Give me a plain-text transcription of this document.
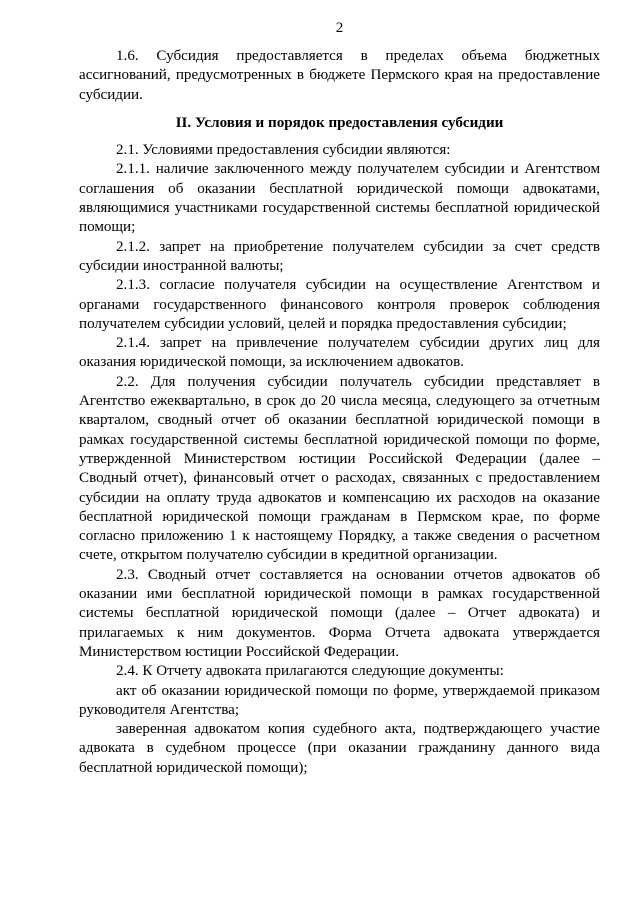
2

1.6. Субсидия предоставляется в пределах объема бюджетных ассигнований, предусмотренных в бюджете Пермского края на предоставление субсидии.

II. Условия и порядок предоставления субсидии

2.1. Условиями предоставления субсидии являются:

2.1.1. наличие заключенного между получателем субсидии и Агентством соглашения об оказании бесплатной юридической помощи адвокатами, являющимися участниками государственной системы бесплатной юридической помощи;

2.1.2. запрет на приобретение получателем субсидии за счет средств субсидии иностранной валюты;

2.1.3. согласие получателя субсидии на осуществление Агентством и органами государственного финансового контроля проверок соблюдения получателем субсидии условий, целей и порядка предоставления субсидии;

2.1.4. запрет на привлечение получателем субсидии других лиц для оказания юридической помощи, за исключением адвокатов.

2.2. Для получения субсидии получатель субсидии представляет в Агентство ежеквартально, в срок до 20 числа месяца, следующего за отчетным кварталом, сводный отчет об оказании бесплатной юридической помощи в рамках государственной системы бесплатной юридической помощи по форме, утвержденной Министерством юстиции Российской Федерации (далее – Сводный отчет), финансовый отчет о расходах, связанных с предоставлением субсидии на оплату труда адвокатов и компенсацию их расходов на оказание бесплатной юридической помощи гражданам в Пермском крае, по форме согласно приложению 1 к настоящему Порядку, а также сведения о расчетном счете, открытом получателю субсидии в кредитной организации.

2.3. Сводный отчет составляется на основании отчетов адвокатов об оказании ими бесплатной юридической помощи в рамках государственной системы бесплатной юридической помощи (далее – Отчет адвоката) и прилагаемых к ним документов. Форма Отчета адвоката утверждается Министерством юстиции Российской Федерации.

2.4. К Отчету адвоката прилагаются следующие документы:

акт об оказании юридической помощи по форме, утверждаемой приказом руководителя Агентства;

заверенная адвокатом копия судебного акта, подтверждающего участие адвоката в судебном процессе (при оказании гражданину данного вида бесплатной юридической помощи);
